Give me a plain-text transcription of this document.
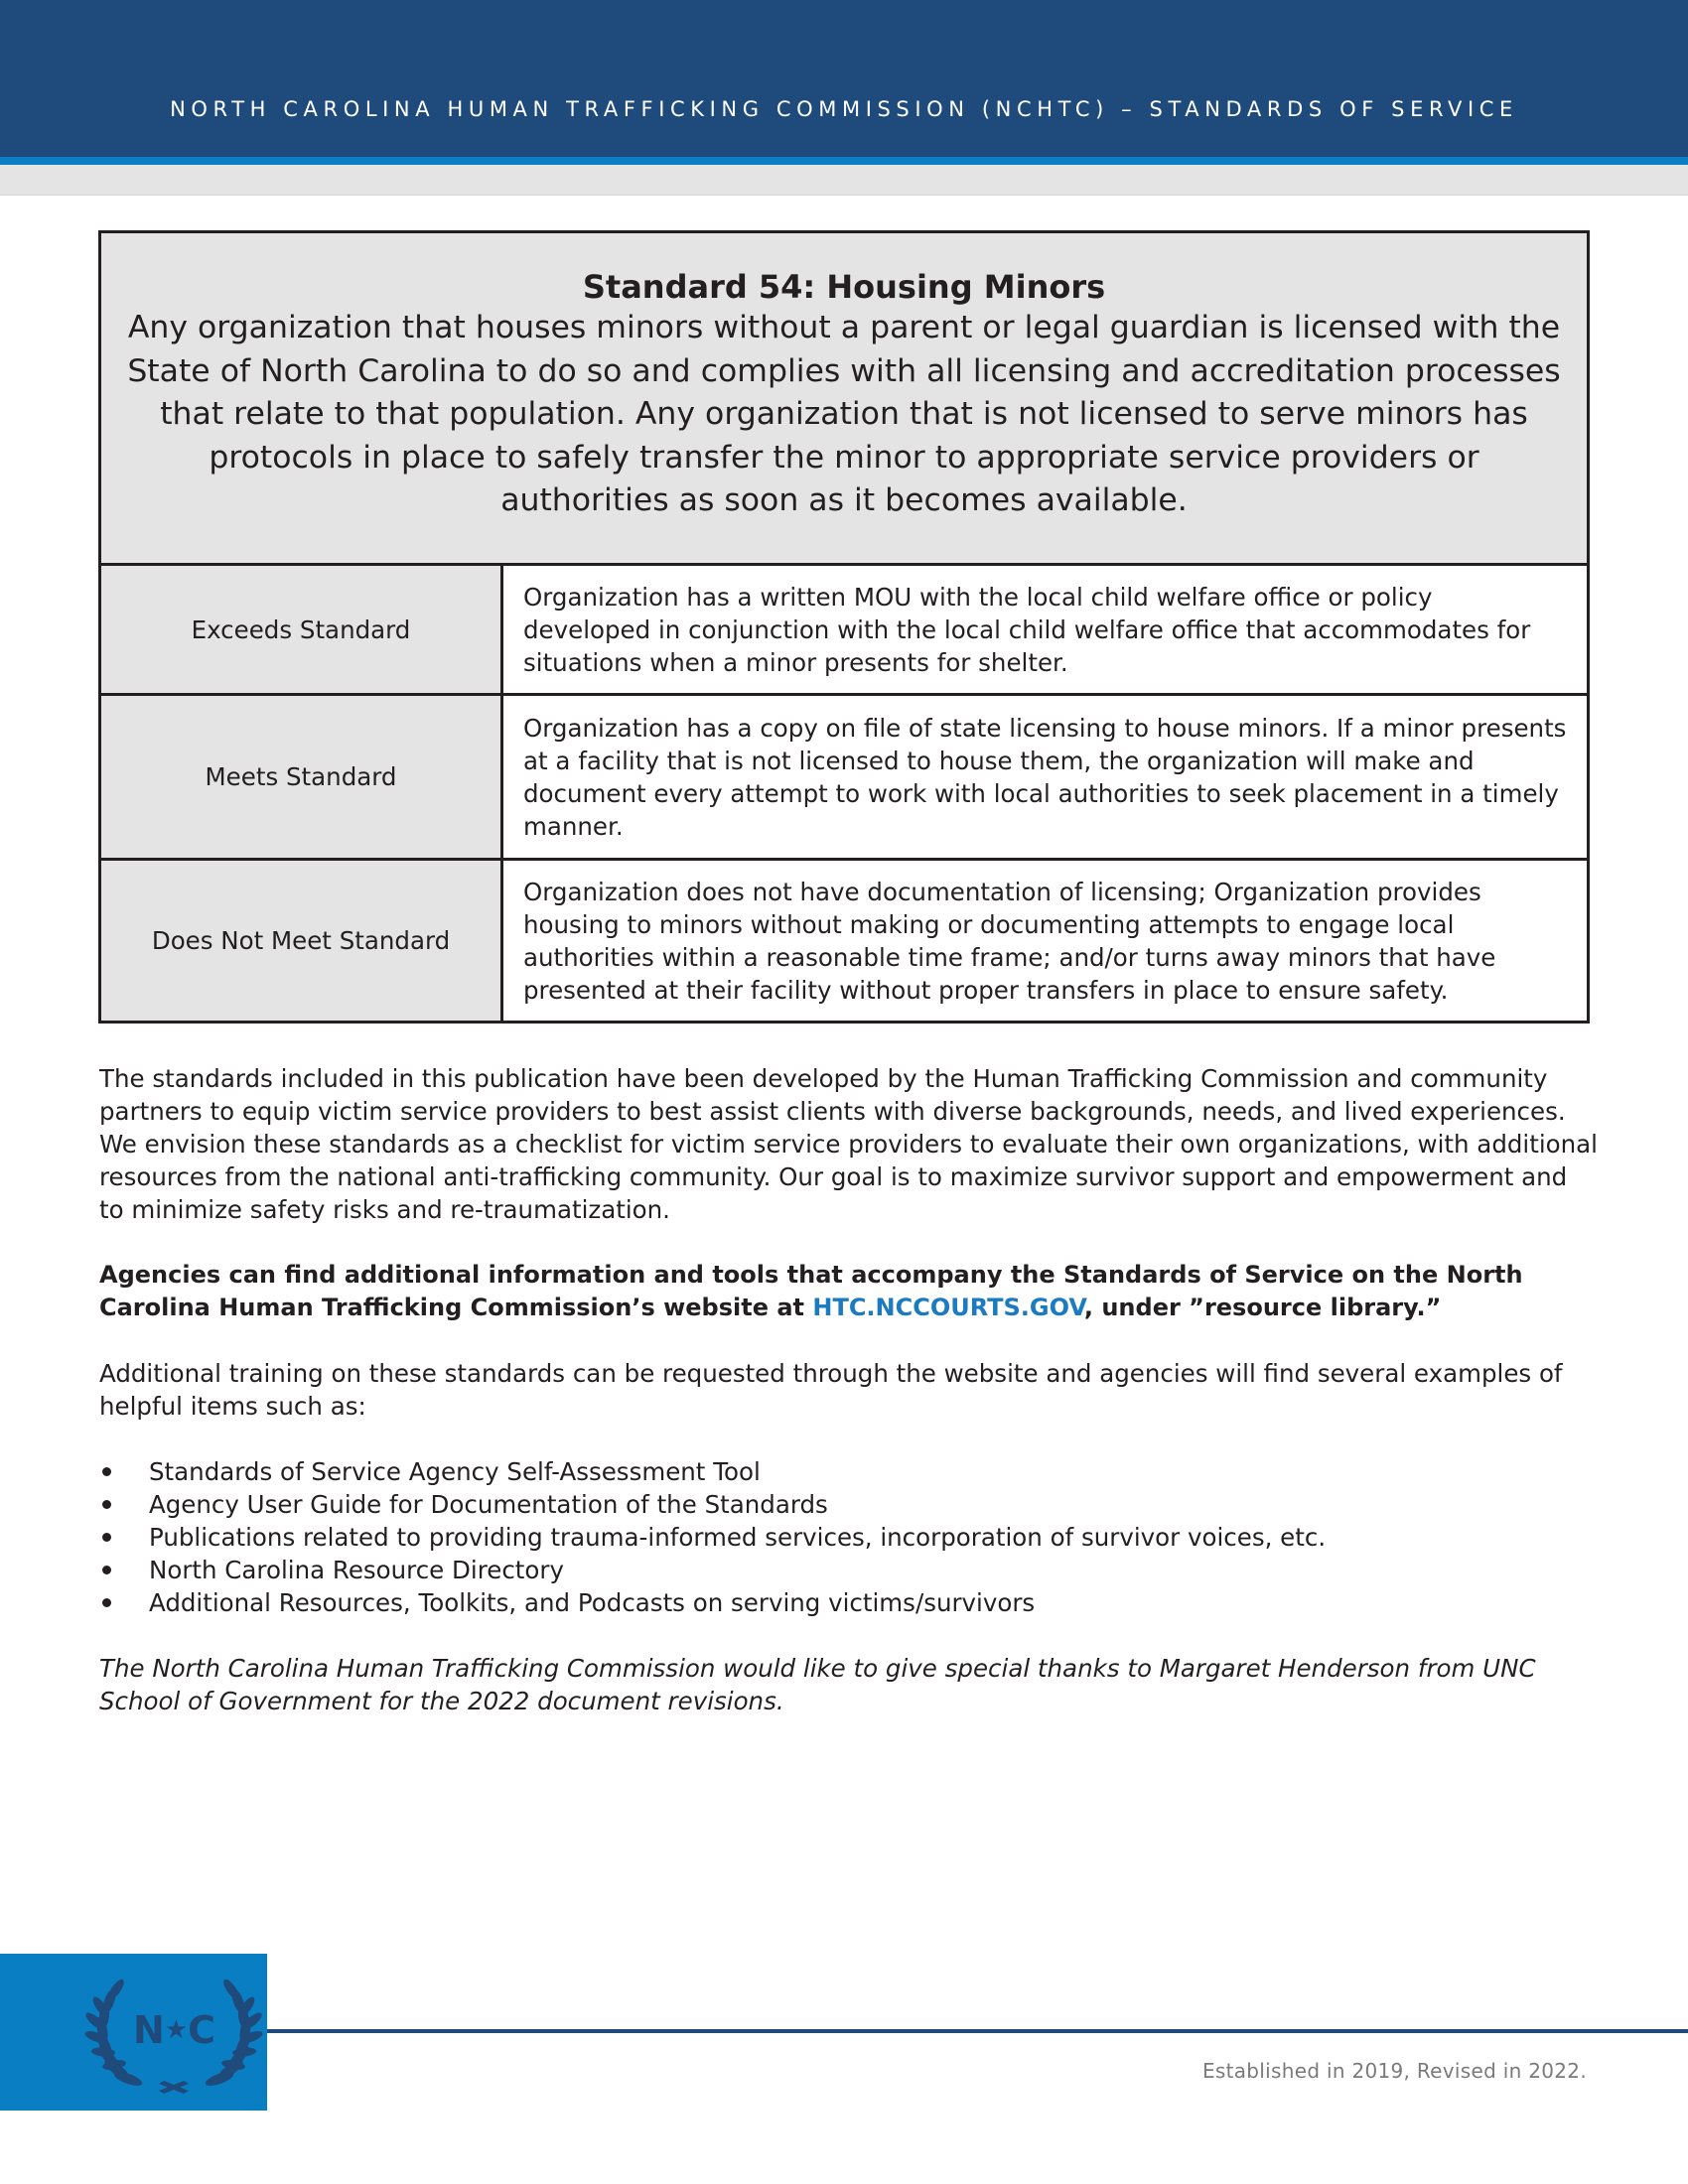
NORTH CAROLINA HUMAN TRAFFICKING COMMISSION (NCHTC) – STANDARDS OF SERVICE
Standard 54: Housing Minors
Any organization that houses minors without a parent or legal guardian is licensed with the State of North Carolina to do so and complies with all licensing and accreditation processes that relate to that population. Any organization that is not licensed to serve minors has protocols in place to safely transfer the minor to appropriate service providers or authorities as soon as it becomes available.
Exceeds Standard
Organization has a written MOU with the local child welfare office or policy developed in conjunction with the local child welfare office that accommodates for situations when a minor presents for shelter.
Meets Standard
Organization has a copy on file of state licensing to house minors. If a minor presents at a facility that is not licensed to house them, the organization will make and document every attempt to work with local authorities to seek placement in a timely manner.
Does Not Meet Standard
Organization does not have documentation of licensing; Organization provides housing to minors without making or documenting attempts to engage local authorities within a reasonable time frame; and/or turns away minors that have presented at their facility without proper transfers in place to ensure safety.

The standards included in this publication have been developed by the Human Trafficking Commission and community partners to equip victim service providers to best assist clients with diverse backgrounds, needs, and lived experiences. We envision these standards as a checklist for victim service providers to evaluate their own organizations, with additional resources from the national anti-trafficking community. Our goal is to maximize survivor support and empowerment and to minimize safety risks and re-traumatization.

Agencies can find additional information and tools that accompany the Standards of Service on the North Carolina Human Trafficking Commission’s website at HTC.NCCOURTS.GOV, under ”resource library.”

Additional training on these standards can be requested through the website and agencies will find several examples of helpful items such as:

Standards of Service Agency Self-Assessment Tool
Agency User Guide for Documentation of the Standards
Publications related to providing trauma-informed services, incorporation of survivor voices, etc.
North Carolina Resource Directory
Additional Resources, Toolkits, and Podcasts on serving victims/survivors

The North Carolina Human Trafficking Commission would like to give special thanks to Margaret Henderson from UNC School of Government for the 2022 document revisions.

N ★ C
Established in 2019, Revised in 2022.
